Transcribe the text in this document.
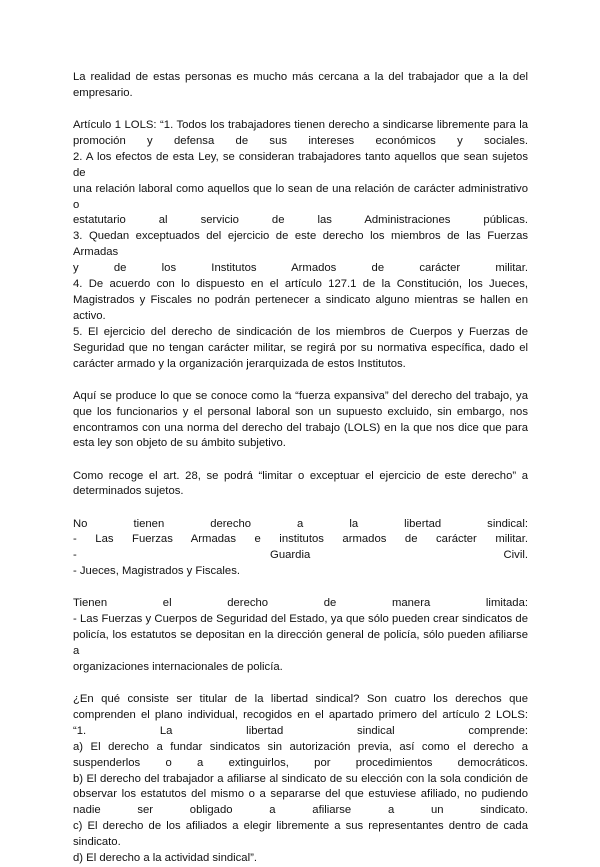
La realidad de estas personas es mucho más cercana a la del trabajador que a la del
empresario.

Artículo 1 LOLS: “1. Todos los trabajadores tienen derecho a sindicarse libremente para la
promoción y defensa de sus intereses económicos y sociales.
2. A los efectos de esta Ley, se consideran trabajadores tanto aquellos que sean sujetos de
una relación laboral como aquellos que lo sean de una relación de carácter administrativo o
estatutario al servicio de las Administraciones públicas.
3. Quedan exceptuados del ejercicio de este derecho los miembros de las Fuerzas Armadas
y de los Institutos Armados de carácter militar.
4. De acuerdo con lo dispuesto en el artículo 127.1 de la Constitución, los Jueces,
Magistrados y Fiscales no podrán pertenecer a sindicato alguno mientras se hallen en
activo.
5. El ejercicio del derecho de sindicación de los miembros de Cuerpos y Fuerzas de
Seguridad que no tengan carácter militar, se regirá por su normativa específica, dado el
carácter armado y la organización jerarquizada de estos Institutos.

Aquí se produce lo que se conoce como la “fuerza expansiva” del derecho del trabajo, ya
que los funcionarios y el personal laboral son un supuesto excluido, sin embargo, nos
encontramos con una norma del derecho del trabajo (LOLS) en la que nos dice que para
esta ley son objeto de su ámbito subjetivo.

Como recoge el art. 28, se podrá “limitar o exceptuar el ejercicio de este derecho” a
determinados sujetos.

No tienen derecho a la libertad sindical:
- Las Fuerzas Armadas e institutos armados de carácter militar.
- Guardia Civil.
- Jueces, Magistrados y Fiscales.

Tienen el derecho de manera limitada:
- Las Fuerzas y Cuerpos de Seguridad del Estado, ya que sólo pueden crear sindicatos de
policía, los estatutos se depositan en la dirección general de policía, sólo pueden afiliarse a
organizaciones internacionales de policía.

¿En qué consiste ser titular de la libertad sindical? Son cuatro los derechos que
comprenden el plano individual, recogidos en el apartado primero del artículo 2 LOLS:
“1. La libertad sindical comprende:
a) El derecho a fundar sindicatos sin autorización previa, así como el derecho a
suspenderlos o a extinguirlos, por procedimientos democráticos.
b) El derecho del trabajador a afiliarse al sindicato de su elección con la sola condición de
observar los estatutos del mismo o a separarse del que estuviese afiliado, no pudiendo
nadie ser obligado a afiliarse a un sindicato.
c) El derecho de los afiliados a elegir libremente a sus representantes dentro de cada
sindicato.
d) El derecho a la actividad sindical”.
